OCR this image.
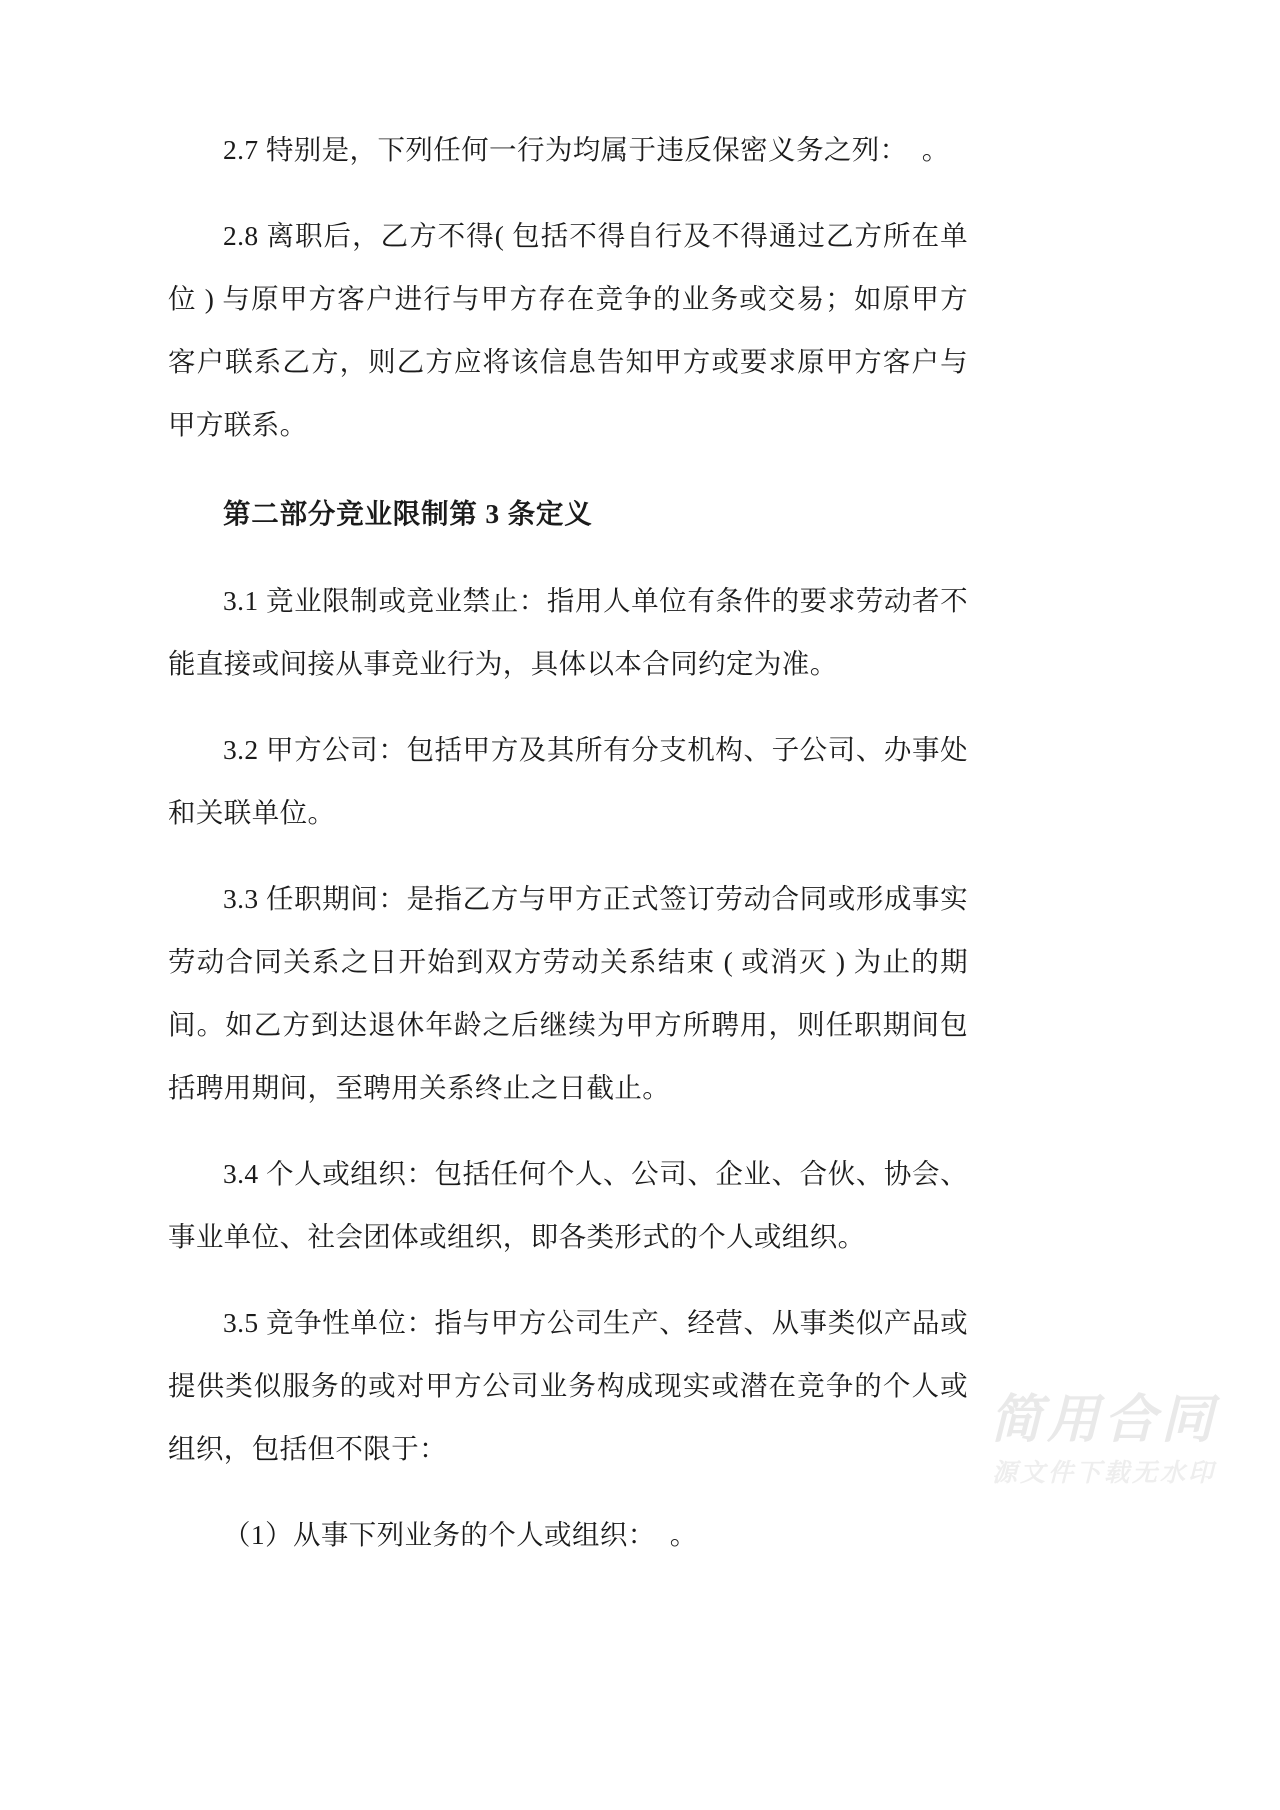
2.7 特别是，下列任何一行为均属于违反保密义务之列：　。

2.8 离职后，乙方不得( 包括不得自行及不得通过乙方所在单位 ) 与原甲方客户进行与甲方存在竞争的业务或交易；如原甲方客户联系乙方，则乙方应将该信息告知甲方或要求原甲方客户与甲方联系。

第二部分竞业限制第 3 条定义

3.1 竞业限制或竞业禁止：指用人单位有条件的要求劳动者不能直接或间接从事竞业行为，具体以本合同约定为准。

3.2 甲方公司：包括甲方及其所有分支机构、子公司、办事处和关联单位。

3.3 任职期间：是指乙方与甲方正式签订劳动合同或形成事实劳动合同关系之日开始到双方劳动关系结束 ( 或消灭 ) 为止的期间。如乙方到达退休年龄之后继续为甲方所聘用，则任职期间包括聘用期间，至聘用关系终止之日截止。

3.4 个人或组织：包括任何个人、公司、企业、合伙、协会、事业单位、社会团体或组织，即各类形式的个人或组织。

3.5 竞争性单位：指与甲方公司生产、经营、从事类似产品或提供类似服务的或对甲方公司业务构成现实或潜在竞争的个人或组织，包括但不限于：

（1）从事下列业务的个人或组织：　。

简用合同
源文件下载无水印
